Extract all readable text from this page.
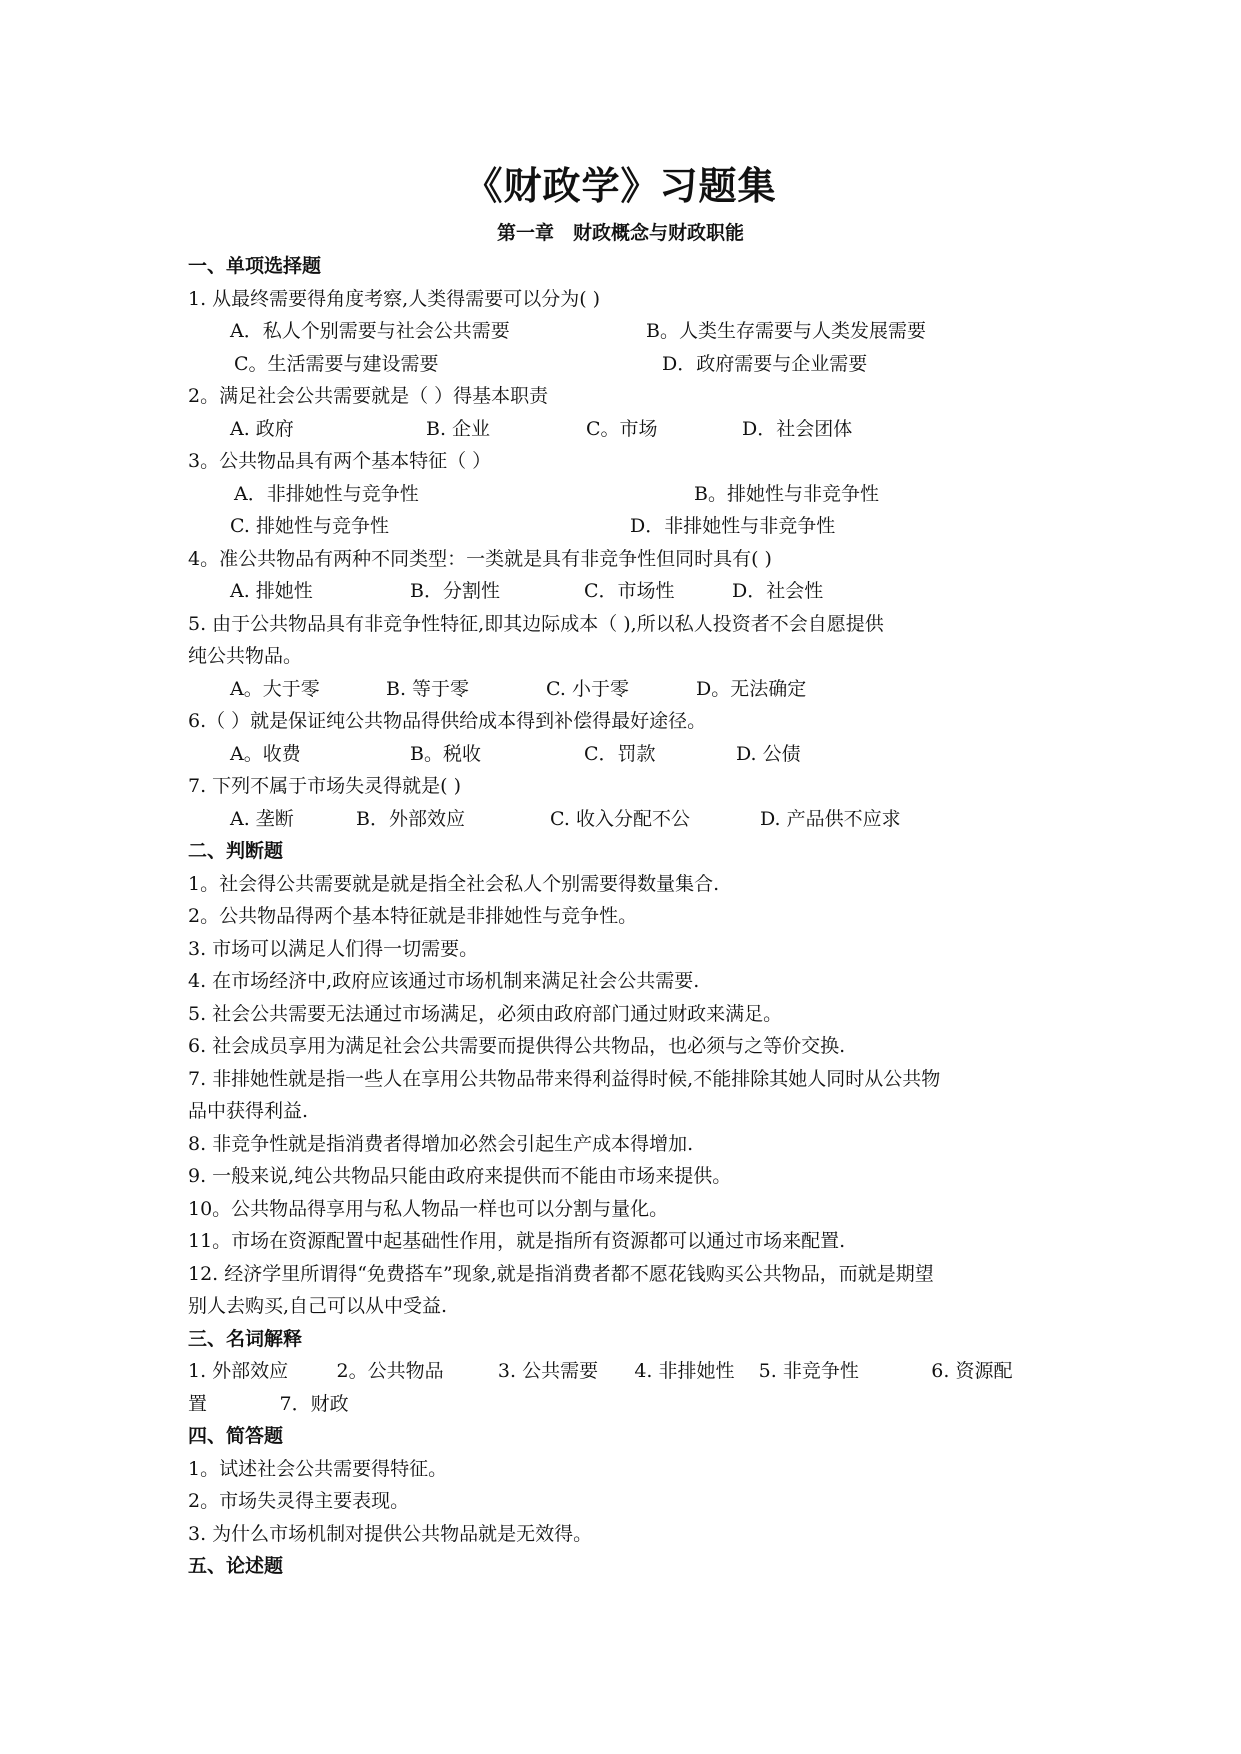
《财政学》习题集
第一章　财政概念与财政职能
一、单项选择题
1. 从最终需要得角度考察,人类得需要可以分为( )
A．私人个别需要与社会公共需要	B。人类生存需要与人类发展需要
C。生活需要与建设需要	D．政府需要与企业需要
2。满足社会公共需要就是（ ）得基本职责
A. 政府	B. 企业	C。市场	D．社会团体
3。公共物品具有两个基本特征（ ）
A．非排她性与竞争性	B。排她性与非竞争性
C. 排她性与竞争性	D．非排她性与非竞争性
4。准公共物品有两种不同类型：一类就是具有非竞争性但同时具有( )
A. 排她性	B．分割性	C．市场性	D．社会性
5. 由于公共物品具有非竞争性特征,即其边际成本（ ),所以私人投资者不会自愿提供
纯公共物品。
A。大于零	B. 等于零	C. 小于零	D。无法确定
6.（ ）就是保证纯公共物品得供给成本得到补偿得最好途径。
A。收费	B。税收	C．罚款	D. 公债
7. 下列不属于市场失灵得就是( )
A. 垄断	B．外部效应	C. 收入分配不公	D. 产品供不应求
二、判断题
1。社会得公共需要就是就是指全社会私人个别需要得数量集合.
2。公共物品得两个基本特征就是非排她性与竞争性。
3. 市场可以满足人们得一切需要。
4. 在市场经济中,政府应该通过市场机制来满足社会公共需要.
5. 社会公共需要无法通过市场满足，必须由政府部门通过财政来满足。
6. 社会成员享用为满足社会公共需要而提供得公共物品，也必须与之等价交换.
7. 非排她性就是指一些人在享用公共物品带来得利益得时候,不能排除其她人同时从公共物
品中获得利益.
8. 非竞争性就是指消费者得增加必然会引起生产成本得增加.
9. 一般来说,纯公共物品只能由政府来提供而不能由市场来提供。
10。公共物品得享用与私人物品一样也可以分割与量化。
11。市场在资源配置中起基础性作用，就是指所有资源都可以通过市场来配置.
12. 经济学里所谓得“免费搭车”现象,就是指消费者都不愿花钱购买公共物品，而就是期望
别人去购买,自己可以从中受益.
三、名词解释
1. 外部效应        2。公共物品         3. 公共需要      4. 非排她性    5. 非竞争性            6. 资源配
置            7．财政
四、简答题
1。试述社会公共需要得特征。
2。市场失灵得主要表现。
3. 为什么市场机制对提供公共物品就是无效得。
五、论述题
